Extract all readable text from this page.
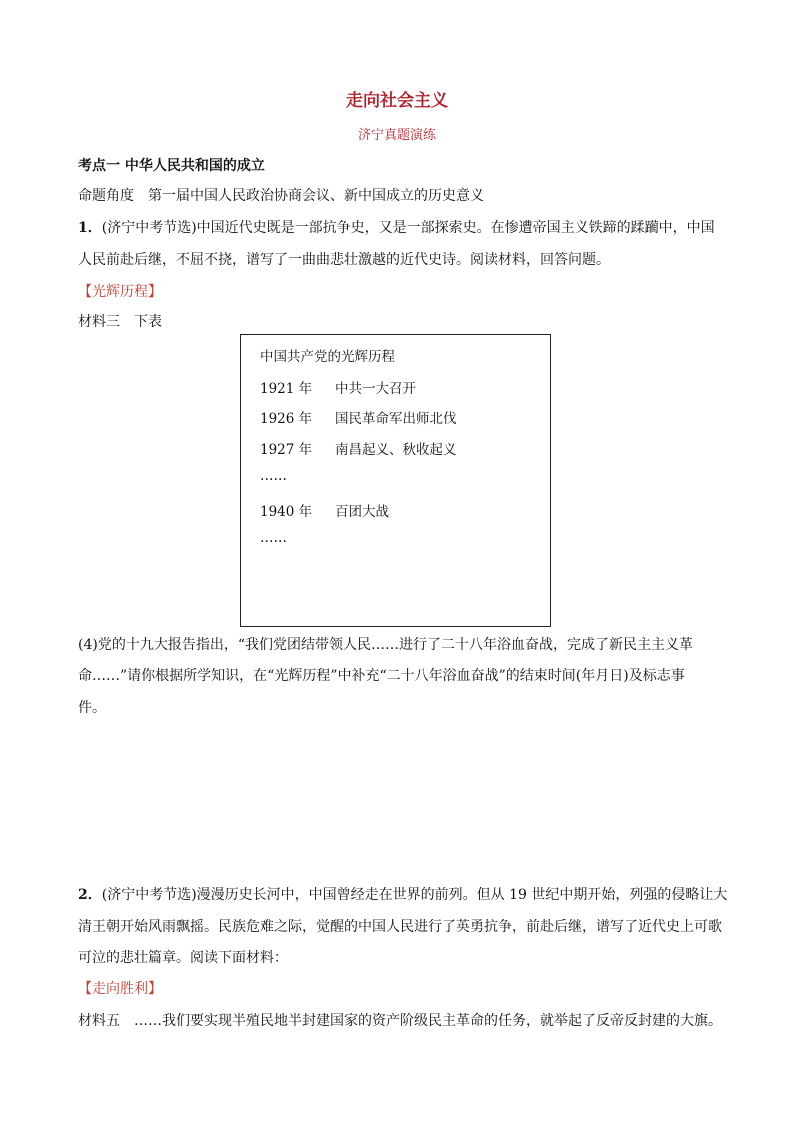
走向社会主义
济宁真题演练
考点一 中华人民共和国的成立
命题角度　第一届中国人民政治协商会议、新中国成立的历史意义
1．(济宁中考节选)中国近代史既是一部抗争史，又是一部探索史。在惨遭帝国主义铁蹄的蹂躏中，中国
人民前赴后继，不屈不挠，谱写了一曲曲悲壮激越的近代史诗。阅读材料，回答问题。
【光辉历程】
材料三　下表
中国共产党的光辉历程
1921 年 中共一大召开
1926 年 国民革命军出师北伐
1927 年 南昌起义、秋收起义
……
1940 年 百团大战
……
(4)党的十九大报告指出，“我们党团结带领人民……进行了二十八年浴血奋战，完成了新民主主义革
命……”请你根据所学知识，在“光辉历程”中补充“二十八年浴血奋战”的结束时间(年月日)及标志事
件。
2．(济宁中考节选)漫漫历史长河中，中国曾经走在世界的前列。但从 19 世纪中期开始，列强的侵略让大
清王朝开始风雨飘摇。民族危难之际，觉醒的中国人民进行了英勇抗争，前赴后继，谱写了近代史上可歌
可泣的悲壮篇章。阅读下面材料：
【走向胜利】
材料五　……我们要实现半殖民地半封建国家的资产阶级民主革命的任务，就举起了反帝反封建的大旗。
